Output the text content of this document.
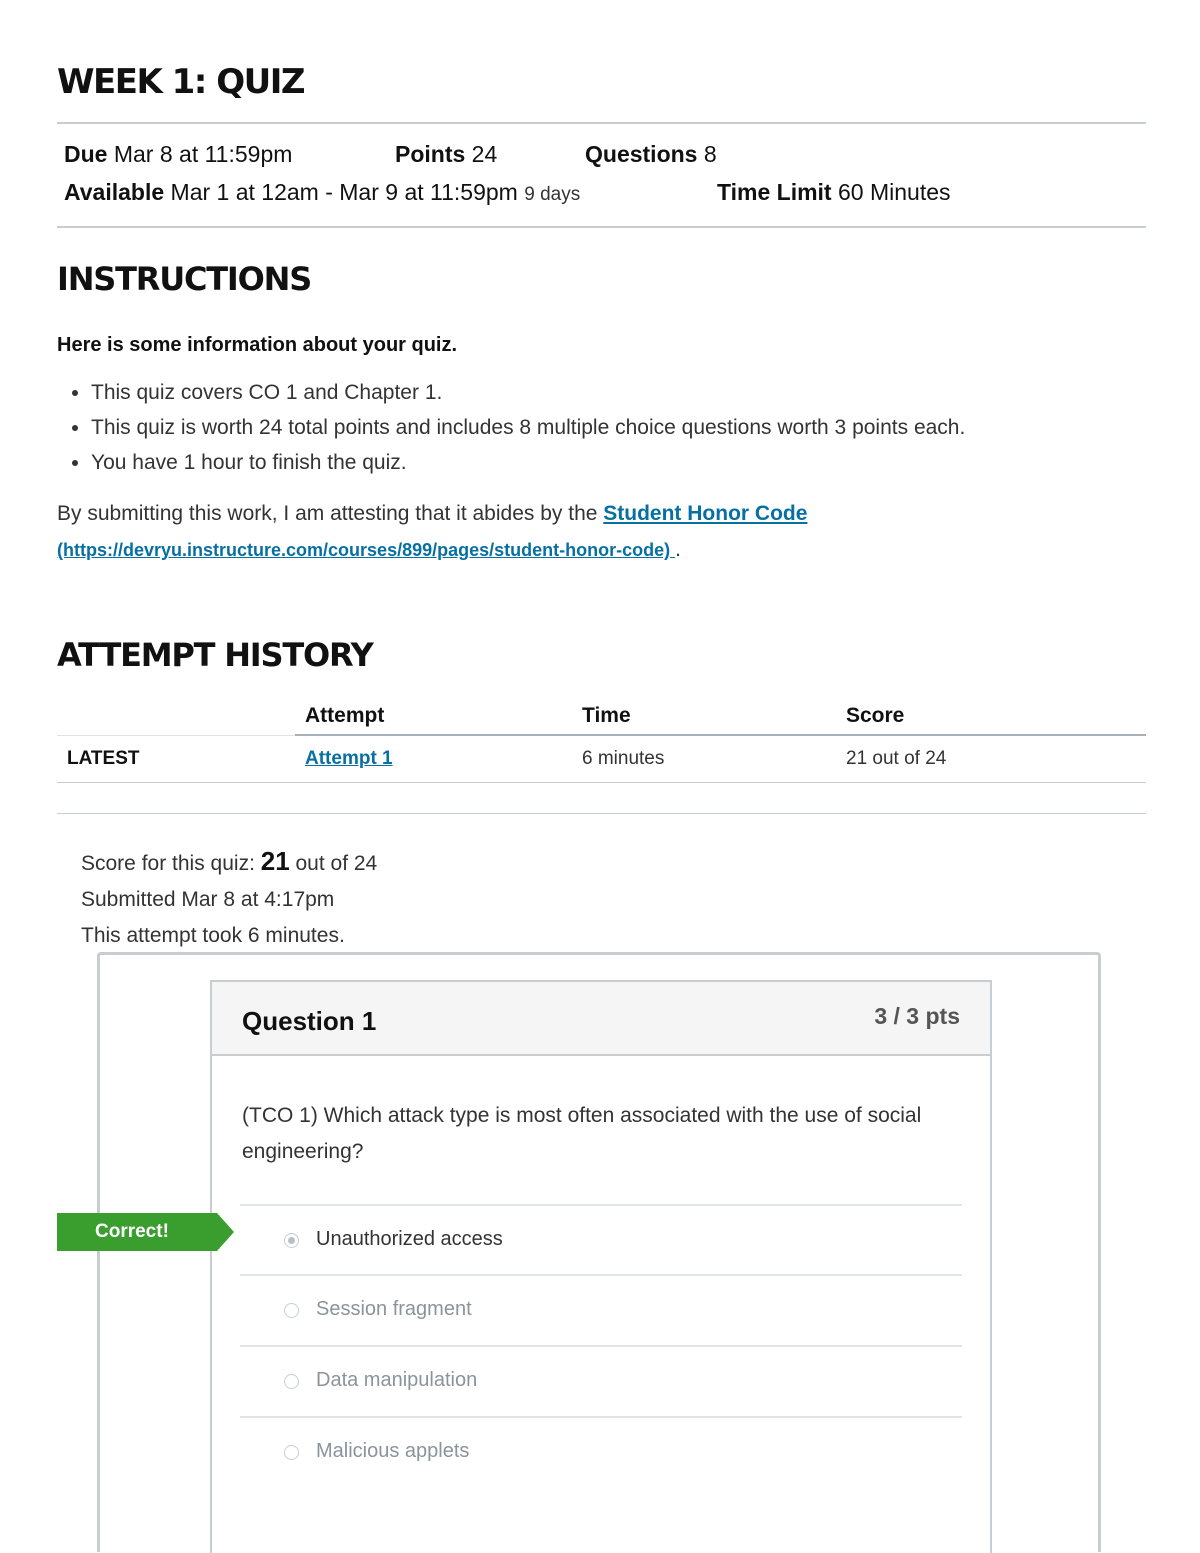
WEEK 1: QUIZ
Due Mar 8 at 11:59pm	Points 24	Questions 8
Available Mar 1 at 12am - Mar 9 at 11:59pm 9 days	Time Limit 60 Minutes
INSTRUCTIONS
Here is some information about your quiz.
• This quiz covers CO 1 and Chapter 1.
• This quiz is worth 24 total points and includes 8 multiple choice questions worth 3 points each.
• You have 1 hour to finish the quiz.
By submitting this work, I am attesting that it abides by the Student Honor Code
(https://devryu.instructure.com/courses/899/pages/student-honor-code) .
ATTEMPT HISTORY
	Attempt	Time	Score
LATEST	Attempt 1	6 minutes	21 out of 24
Score for this quiz: 21 out of 24
Submitted Mar 8 at 4:17pm
This attempt took 6 minutes.
Question 1	3 / 3 pts
(TCO 1) Which attack type is most often associated with the use of social engineering?
Unauthorized access
Session fragment
Data manipulation
Malicious applets
Correct!
